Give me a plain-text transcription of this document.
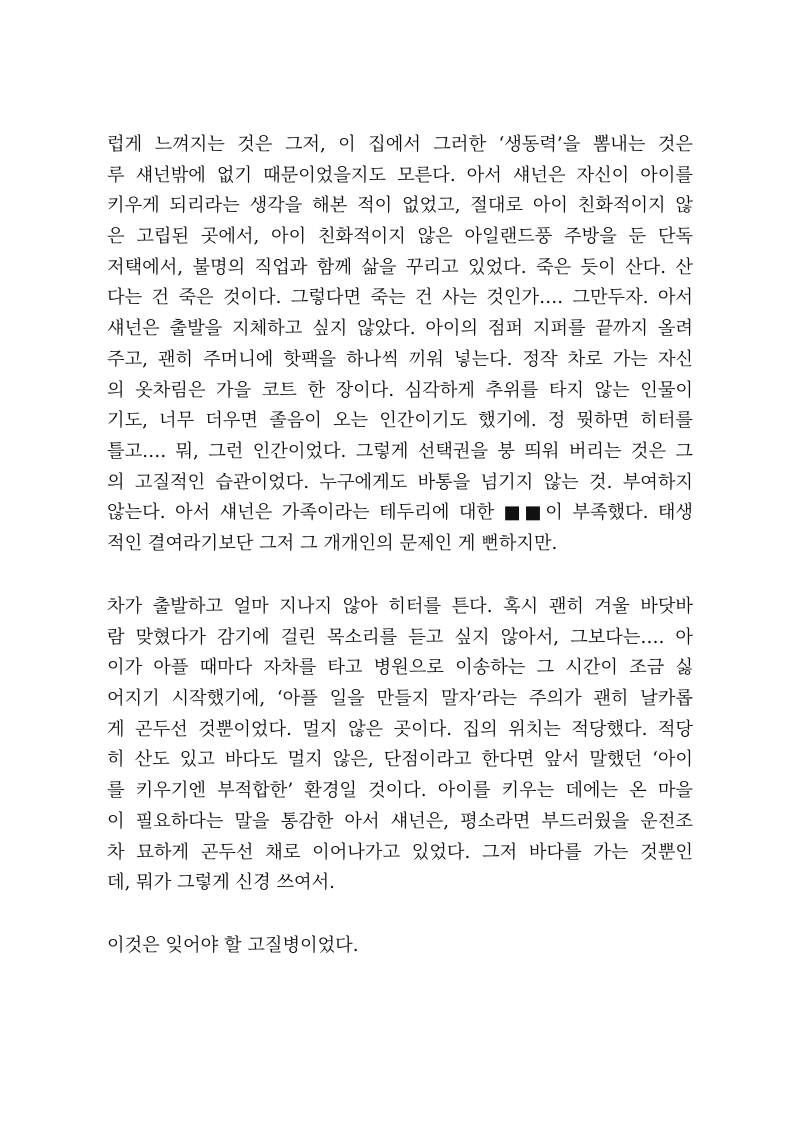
럽게 느껴지는 것은 그저, 이 집에서 그러한 ‘생동력’을 뽐내는 것은
루 섀넌밖에 없기 때문이었을지도 모른다. 아서 섀넌은 자신이 아이를
키우게 되리라는 생각을 해본 적이 없었고, 절대로 아이 친화적이지 않
은 고립된 곳에서, 아이 친화적이지 않은 아일랜드풍 주방을 둔 단독
저택에서, 불명의 직업과 함께 삶을 꾸리고 있었다. 죽은 듯이 산다. 산
다는 건 죽은 것이다. 그렇다면 죽는 건 사는 것인가…. 그만두자. 아서
섀넌은 출발을 지체하고 싶지 않았다. 아이의 점퍼 지퍼를 끝까지 올려
주고, 괜히 주머니에 핫팩을 하나씩 끼워 넣는다. 정작 차로 가는 자신
의 옷차림은 가을 코트 한 장이다. 심각하게 추위를 타지 않는 인물이
기도, 너무 더우면 졸음이 오는 인간이기도 했기에. 정 뭣하면 히터를
틀고…. 뭐, 그런 인간이었다. 그렇게 선택권을 붕 띄워 버리는 것은 그
의 고질적인 습관이었다. 누구에게도 바통을 넘기지 않는 것. 부여하지
않는다. 아서 섀넌은 가족이라는 테두리에 대한 ■■이 부족했다. 태생
적인 결여라기보단 그저 그 개개인의 문제인 게 뻔하지만.
차가 출발하고 얼마 지나지 않아 히터를 튼다. 혹시 괜히 겨울 바닷바
람 맞혔다가 감기에 걸린 목소리를 듣고 싶지 않아서, 그보다는…. 아
이가 아플 때마다 자차를 타고 병원으로 이송하는 그 시간이 조금 싫
어지기 시작했기에, ‘아플 일을 만들지 말자’라는 주의가 괜히 날카롭
게 곤두선 것뿐이었다. 멀지 않은 곳이다. 집의 위치는 적당했다. 적당
히 산도 있고 바다도 멀지 않은, 단점이라고 한다면 앞서 말했던 ‘아이
를 키우기엔 부적합한’ 환경일 것이다. 아이를 키우는 데에는 온 마을
이 필요하다는 말을 통감한 아서 섀넌은, 평소라면 부드러웠을 운전조
차 묘하게 곤두선 채로 이어나가고 있었다. 그저 바다를 가는 것뿐인
데, 뭐가 그렇게 신경 쓰여서.
이것은 잊어야 할 고질병이었다.
